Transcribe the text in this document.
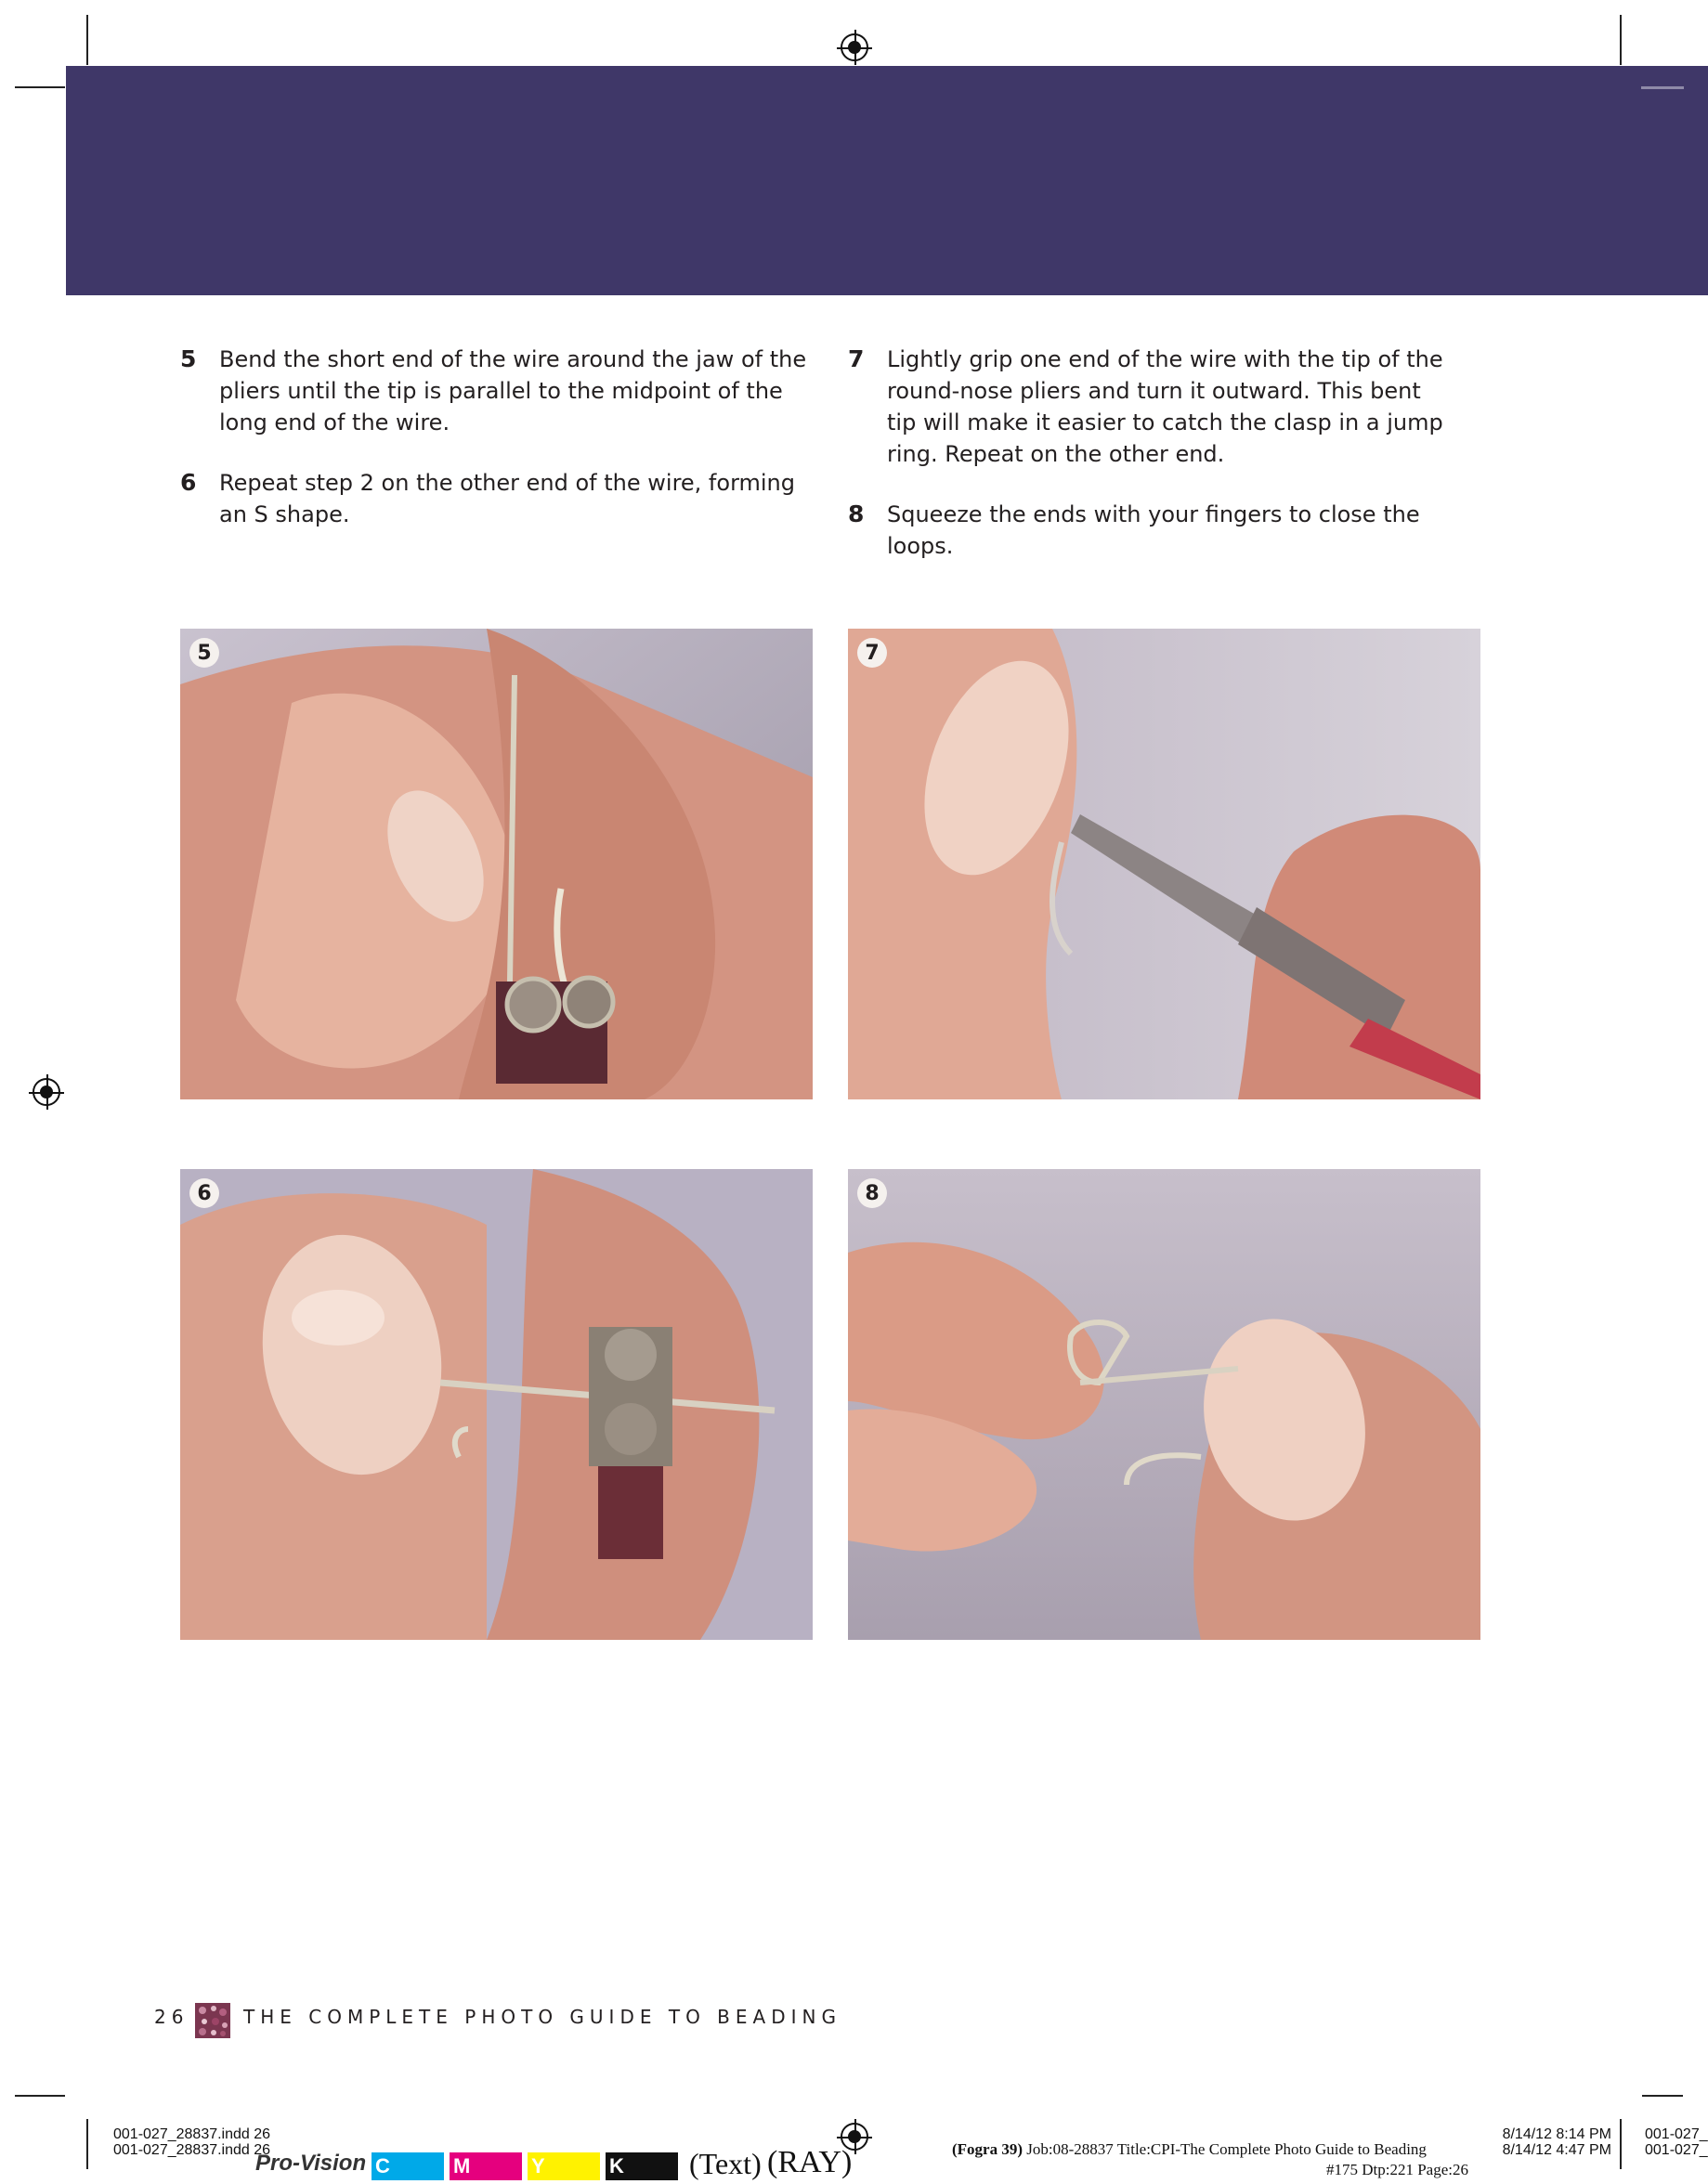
5 Bend the short end of the wire around the jaw of the pliers until the tip is parallel to the midpoint of the long end of the wire.
6 Repeat step 2 on the other end of the wire, forming an S shape.
7 Lightly grip one end of the wire with the tip of the round-nose pliers and turn it outward. This bent tip will make it easier to catch the clasp in a jump ring. Repeat on the other end.
8 Squeeze the ends with your fingers to close the loops.
5	7
6	8
26	THE COMPLETE PHOTO GUIDE TO BEADING
001-027_28837.indd 26
001-027_28837.indd 26
Pro-Vision C	M	Y	K (Text) (RAY)	(Fogra 39) Job:08-28837 Title:CPI-The Complete Photo Guide to Beading
#175 Dtp:221 Page:26
8/14/12 8:14 PM
8/14/12 4:47 PM
001-027_
001-027_
